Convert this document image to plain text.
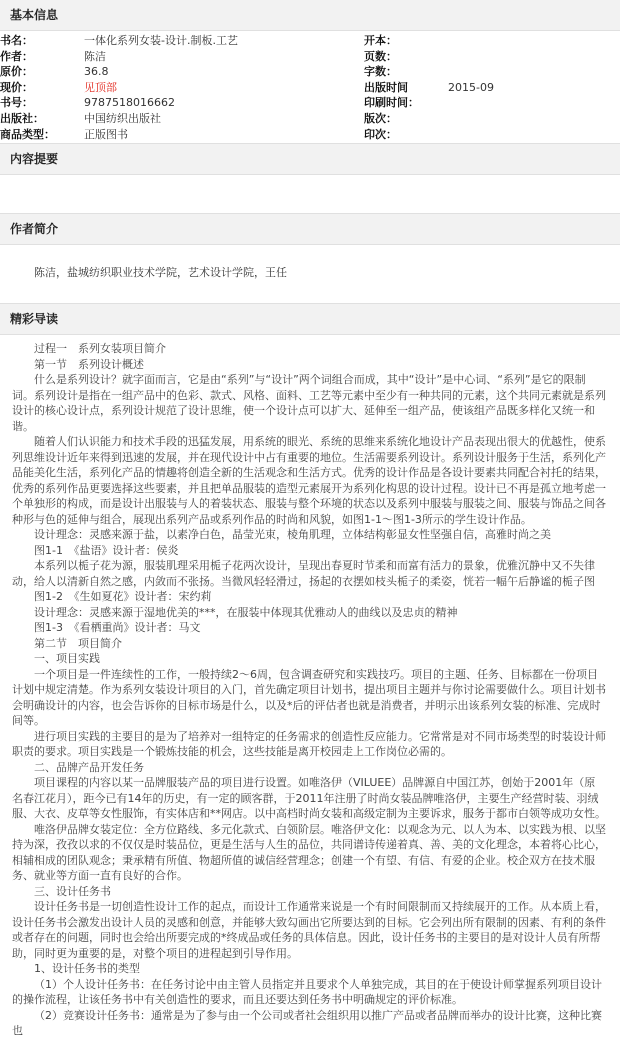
基本信息
书名：	一体化系列女装-设计.制板.工艺	开本：
作者：	陈洁	页数：
原价：	36.8	字数：
现价：	见顶部	出版时间	2015-09
书号：	9787518016662	印刷时间：
出版社：	中国纺织出版社	版次：
商品类型：	正版图书	印次：
内容提要
作者简介
陈洁，盐城纺织职业技术学院，艺术设计学院，王任
精彩导读

过程一　系列女装项目简介

第一节　系列设计概述

什么是系列设计？就字面而言，它是由“系列”与“设计”两个词组合而成，其中“设计”是中心词、“系列”是它的限制词。系列设计是指在一组产品中的色彩、款式、风格、面料、工艺等元素中至少有一种共同的元素，这个共同元素就是系列设计的核心设计点，系列设计规范了设计思维，使一个设计点可以扩大、延伸至一组产品，使该组产品既多样化又统一和谐。

随着人们认识能力和技术手段的迅猛发展，用系统的眼光、系统的思维来系统化地设计产品表现出很大的优越性，使系列思维设计近年来得到迅速的发展，并在现代设计中占有重要的地位。生活需要系列设计。系列设计服务于生活，系列化产品能美化生活，系列化产品的情趣将创造全新的生活观念和生活方式。优秀的设计作品是各设计要素共同配合衬托的结果，优秀的系列作品更要选择这些要素，并且把单品服装的造型元素展开为系列化构思的设计过程。设计已不再是孤立地考虑一个单独形的构成，而是设计出服装与人的着装状态、服装与整个环境的状态以及系列中服装与服装之间、服装与饰品之间各种形与色的延伸与组合，展现出系列产品或系列作品的时尚和风貌，如图1-1～图1-3所示的学生设计作品。

设计理念：灵感来源于盐，以素净白色，晶莹光束，棱角肌理，立体结构彰显女性坚强自信，高雅时尚之美

图1-1　《盐语》设计者：侯炎

本系列以栀子花为源，服装肌理采用栀子花两次设计，呈现出春夏时节柔和而富有活力的景象，优雅沉静中又不失律动，给人以清新自然之感，内敛而不张扬。当微风轻轻滑过，扬起的衣摆如枝头栀子的柔姿，恍若一幅午后静谧的栀子图

图1-2　《生如夏花》设计者：宋约莉

设计理念：灵感来源于湿地优美的***，在服装中体现其优雅动人的曲线以及忠贞的精神

图1-3　《看栖重尚》设计者：马文

第二节　项目简介

一、项目实践

一个项目是一件连续性的工作，一般持续2～6周，包含调查研究和实践技巧。项目的主题、任务、目标都在一份项目计划中规定清楚。作为系列女装设计项目的入门，首先确定项目计划书，提出项目主题并与你讨论需要做什么。项目计划书会明确设计的内容，也会告诉你的目标市场是什么，以及*后的评估者也就是消费者，并明示出该系列女装的标准、完成时间等。

进行项目实践的主要目的是为了培养对一组特定的任务需求的创造性反应能力。它常常是对不同市场类型的时装设计师职责的要求。项目实践是一个锻炼技能的机会，这些技能是离开校园走上工作岗位必需的。

二、品牌产品开发任务

项目课程的内容以某一品牌服装产品的项目进行设置。如唯洛伊（VILUEE）品牌源自中国江苏，创始于2001年（原名春江花月），距今已有14年的历史，有一定的顾客群，于2011年注册了时尚女装品牌唯洛伊，主要生产经营时装、羽绒服、大衣、皮草等女性服饰，有实体店和**网店。以中高档时尚女装和高级定制为主要诉求，服务于都市白领等成功女性。

唯洛伊品牌女装定位：全方位路线、多元化款式、白领阶层。唯洛伊文化：以观念为元、以人为本、以实践为根、以坚持为深，孜孜以求的不仅仅是时装品位，更是生活与人生的品位，共同谱诗传递着真、善、美的文化理念，本着将心比心，相辅相成的团队观念；秉承精有所值、物超所值的诚信经营理念；创建一个有望、有信、有爱的企业。校企双方在技术服务、就业等方面一直有良好的合作。

三、设计任务书

设计任务书是一切创造性设计工作的起点，而设计工作通常来说是一个有时间限制而又持续展开的工作。从本质上看，设计任务书会激发出设计人员的灵感和创意，并能够大致勾画出它所要达到的目标。它会列出所有限制的因素、有利的条件或者存在的问题，同时也会给出所要完成的*终成品或任务的具体信息。因此，设计任务书的主要目的是对设计人员有所帮助，同时更为重要的是，对整个项目的进程起到引导作用。

1、设计任务书的类型

（1）个人设计任务书：在任务讨论中由主管人员指定并且要求个人单独完成，其目的在于使设计师掌握系列项目设计的操作流程，让该任务书中有关创造性的要求，而且还要达到任务书中明确规定的评价标准。

（2）竞赛设计任务书：通常是为了参与由一个公司或者社会组织用以推广产品或者品牌而举办的设计比赛，这种比赛也
